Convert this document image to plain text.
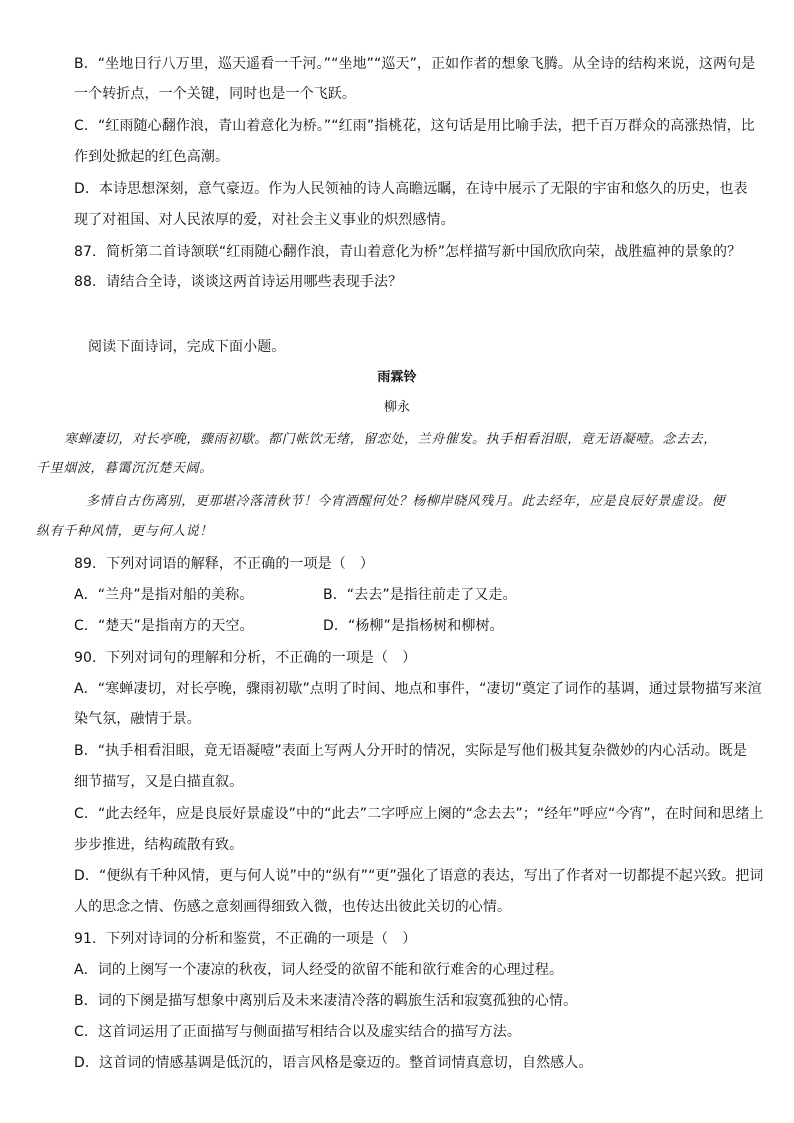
B．“坐地日行八万里，巡天遥看一千河。”“坐地”“巡天”，正如作者的想象飞腾。从全诗的结构来说，这两句是
一个转折点，一个关键，同时也是一个飞跃。
C．“红雨随心翻作浪，青山着意化为桥。”“红雨”指桃花，这句话是用比喻手法，把千百万群众的高涨热情，比
作到处掀起的红色高潮。
D．本诗思想深刻，意气豪迈。作为人民领袖的诗人高瞻远瞩，在诗中展示了无限的宇宙和悠久的历史，也表
现了对祖国、对人民浓厚的爱，对社会主义事业的炽烈感情。
87．简析第二首诗颔联“红雨随心翻作浪，青山着意化为桥”怎样描写新中国欣欣向荣，战胜瘟神的景象的？
88．请结合全诗，谈谈这两首诗运用哪些表现手法？
阅读下面诗词，完成下面小题。
雨霖铃
柳永
寒蝉凄切，对长亭晚，骤雨初歇。都门帐饮无绪，留恋处，兰舟催发。执手相看泪眼，竟无语凝噎。念去去，
千里烟波，暮霭沉沉楚天阔。
多情自古伤离别，更那堪冷落清秋节！今宵酒醒何处？杨柳岸晓风残月。此去经年，应是良辰好景虚设。便
纵有千种风情，更与何人说！
89．下列对词语的解释，不正确的一项是（　）
A．“兰舟”是指对船的美称。	B．“去去”是指往前走了又走。
C．“楚天”是指南方的天空。	D．“杨柳”是指杨树和柳树。
90．下列对词句的理解和分析，不正确的一项是（　）
A．“寒蝉凄切，对长亭晚，骤雨初歇”点明了时间、地点和事件，“凄切”奠定了词作的基调，通过景物描写来渲
染气氛，融情于景。
B．“执手相看泪眼，竟无语凝噎”表面上写两人分开时的情况，实际是写他们极其复杂微妙的内心活动。既是
细节描写，又是白描直叙。
C．“此去经年，应是良辰好景虚设”中的“此去”二字呼应上阕的“念去去”；“经年”呼应“今宵”，在时间和思绪上
步步推进，结构疏散有致。
D．“便纵有千种风情，更与何人说”中的“纵有”“更”强化了语意的表达，写出了作者对一切都提不起兴致。把词
人的思念之情、伤感之意刻画得细致入微，也传达出彼此关切的心情。
91．下列对诗词的分析和鉴赏，不正确的一项是（　）
A．词的上阕写一个凄凉的秋夜，词人经受的欲留不能和欲行难舍的心理过程。
B．词的下阕是描写想象中离别后及未来凄清冷落的羁旅生活和寂寞孤独的心情。
C．这首词运用了正面描写与侧面描写相结合以及虚实结合的描写方法。
D．这首词的情感基调是低沉的，语言风格是豪迈的。整首词情真意切，自然感人。
